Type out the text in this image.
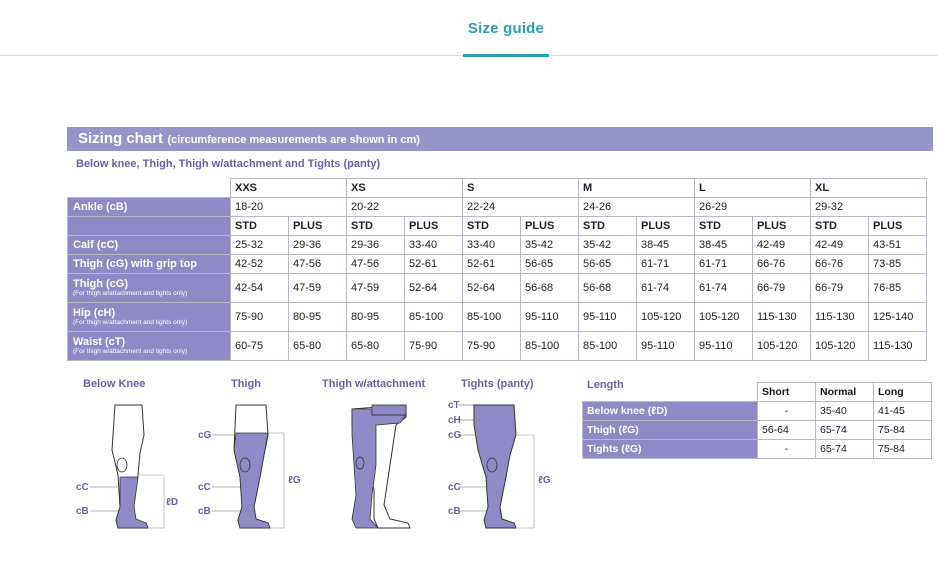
Size guide
Sizing chart (circumference measurements are shown in cm)
Below knee, Thigh, Thigh w/attachment and Tights (panty)
	XXS		XS		S		M		L		XL	
Ankle (cB)	18-20		20-22		22-24		24-26		26-29		29-32	
	STD	PLUS	STD	PLUS	STD	PLUS	STD	PLUS	STD	PLUS	STD	PLUS
Calf (cC)	25-32	29-36	29-36	33-40	33-40	35-42	35-42	38-45	38-45	42-49	42-49	43-51
Thigh (cG) with grip top	42-52	47-56	47-56	52-61	52-61	56-65	56-65	61-71	61-71	66-76	66-76	73-85
Thigh (cG)
(For thigh w/attachment and tights only)	42-54	47-59	47-59	52-64	52-64	56-68	56-68	61-74	61-74	66-79	66-79	76-85
Hip (cH)
(For thigh w/attachment and tights only)	75-90	80-95	80-95	85-100	85-100	95-110	95-110	105-120	105-120	115-130	115-130	125-140
Waist (cT)
(For thigh w/attachment and tights only)	60-75	65-80	65-80	75-90	75-90	85-100	85-100	95-110	95-110	105-120	105-120	115-130
Below Knee	Thigh	Thigh w/attachment	Tights (panty)
cC
cB
ℓD
cG
cC
cB
ℓG
cT
cH
cG
cC
cB
ℓG
Length
	Short	Normal	Long
Below knee (ℓD)	-	35-40	41-45
Thigh (ℓG)	56-64	65-74	75-84
Tights (ℓG)	-	65-74	75-84
